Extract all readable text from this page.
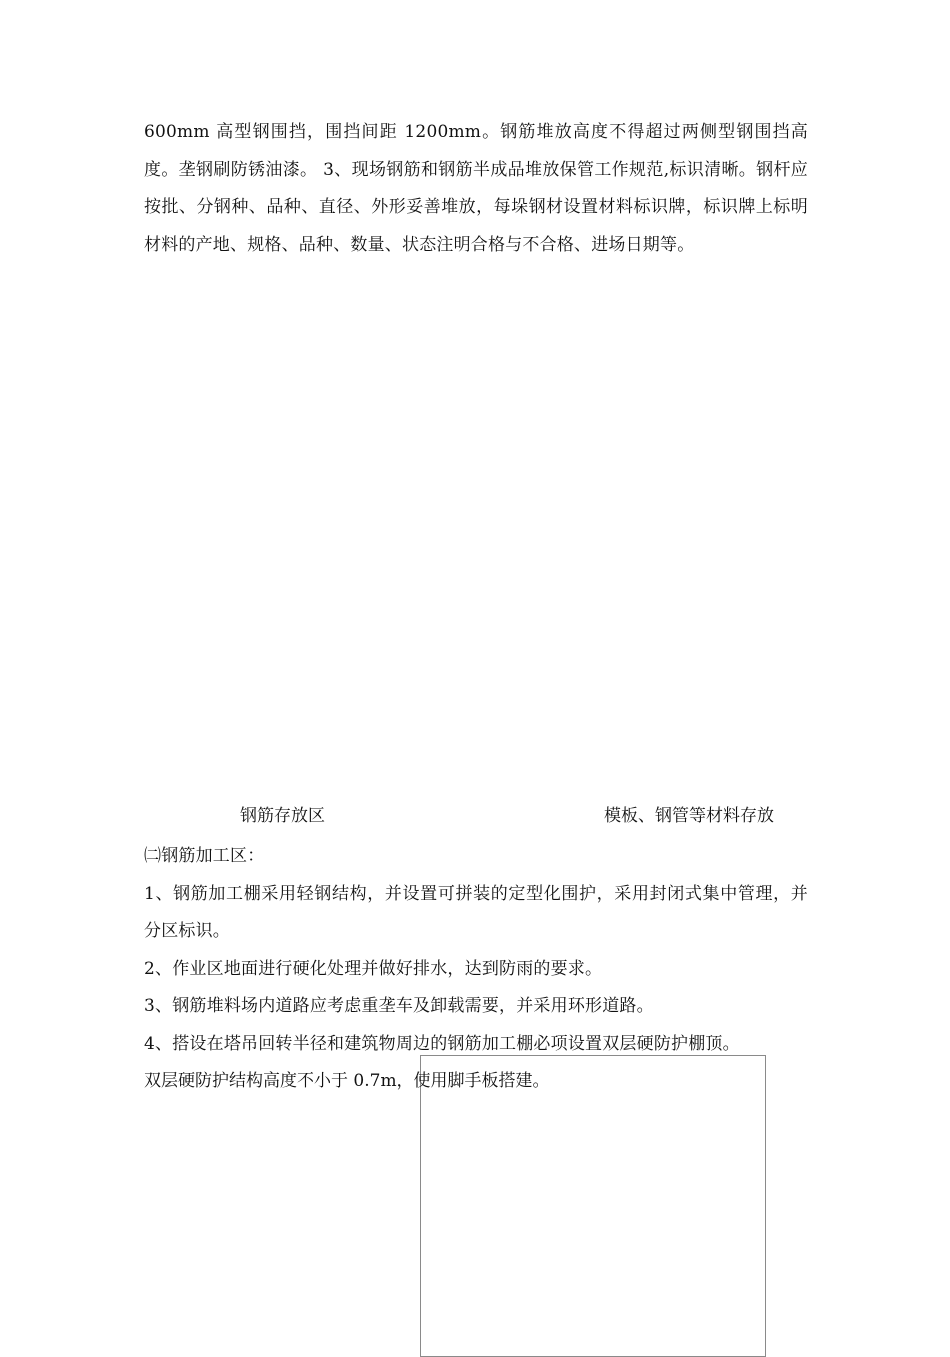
600mm 高型钢围挡，围挡间距 1200mm。钢筋堆放高度不得超过两侧型钢围挡高度。垄钢刷防锈油漆。 3、现场钢筋和钢筋半成品堆放保管工作规范,标识清晰。钢杆应按批、分钢种、品种、直径、外形妥善堆放，每垛钢材设置材料标识牌，标识牌上标明材料的产地、规格、品种、数量、状态注明合格与不合格、进场日期等。
钢筋存放区	模板、钢管等材料存放

㈡钢筋加工区：

1、钢筋加工棚采用轻钢结构，并设置可拼装的定型化围护，采用封闭式集中管理，并分区标识。

2、作业区地面进行硬化处理并做好排水，达到防雨的要求。

3、钢筋堆料场内道路应考虑重垄车及卸载需要，并采用环形道路。

4、搭设在塔吊回转半径和建筑物周边的钢筋加工棚必项设置双层硬防护棚顶。

双层硬防护结构高度不小于 0.7m，使用脚手板搭建。
